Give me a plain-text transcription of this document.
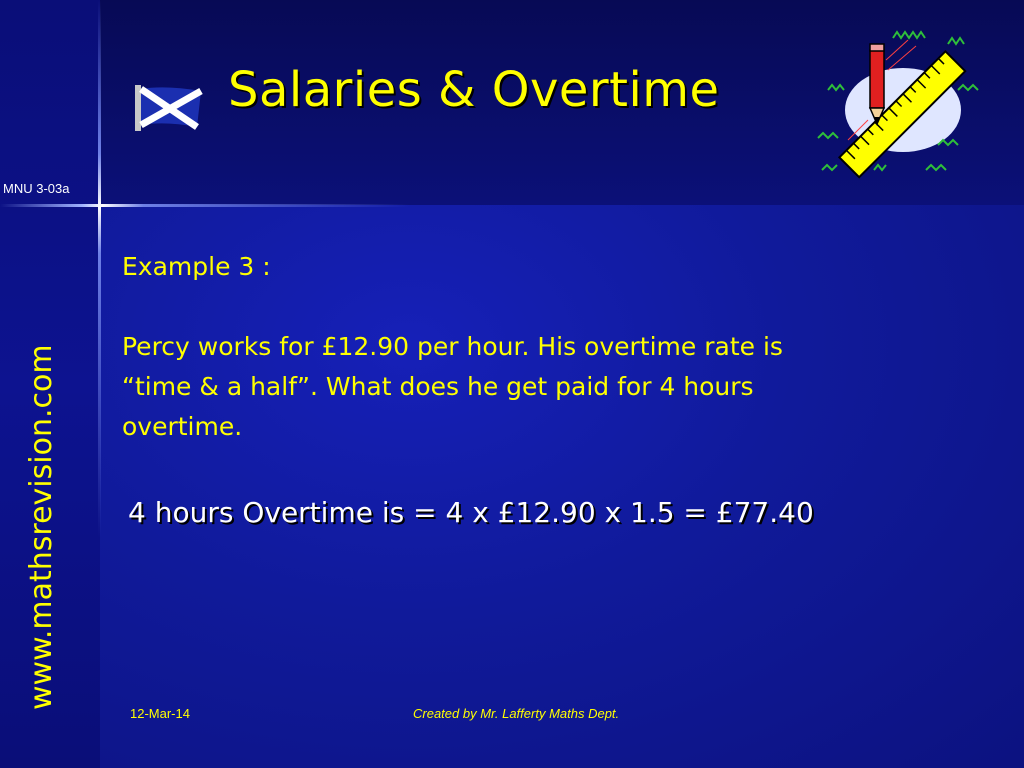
Salaries & Overtime
MNU 3-03a
www.mathsrevision.com

Example 3 :

Percy works for £12.90 per hour. His overtime rate is

“time & a half”. What does he get paid for 4 hours

overtime.

4 hours Overtime is = 4 x £12.90 x 1.5 = £77.40
12-Mar-14	Created by Mr. Lafferty Maths Dept.
